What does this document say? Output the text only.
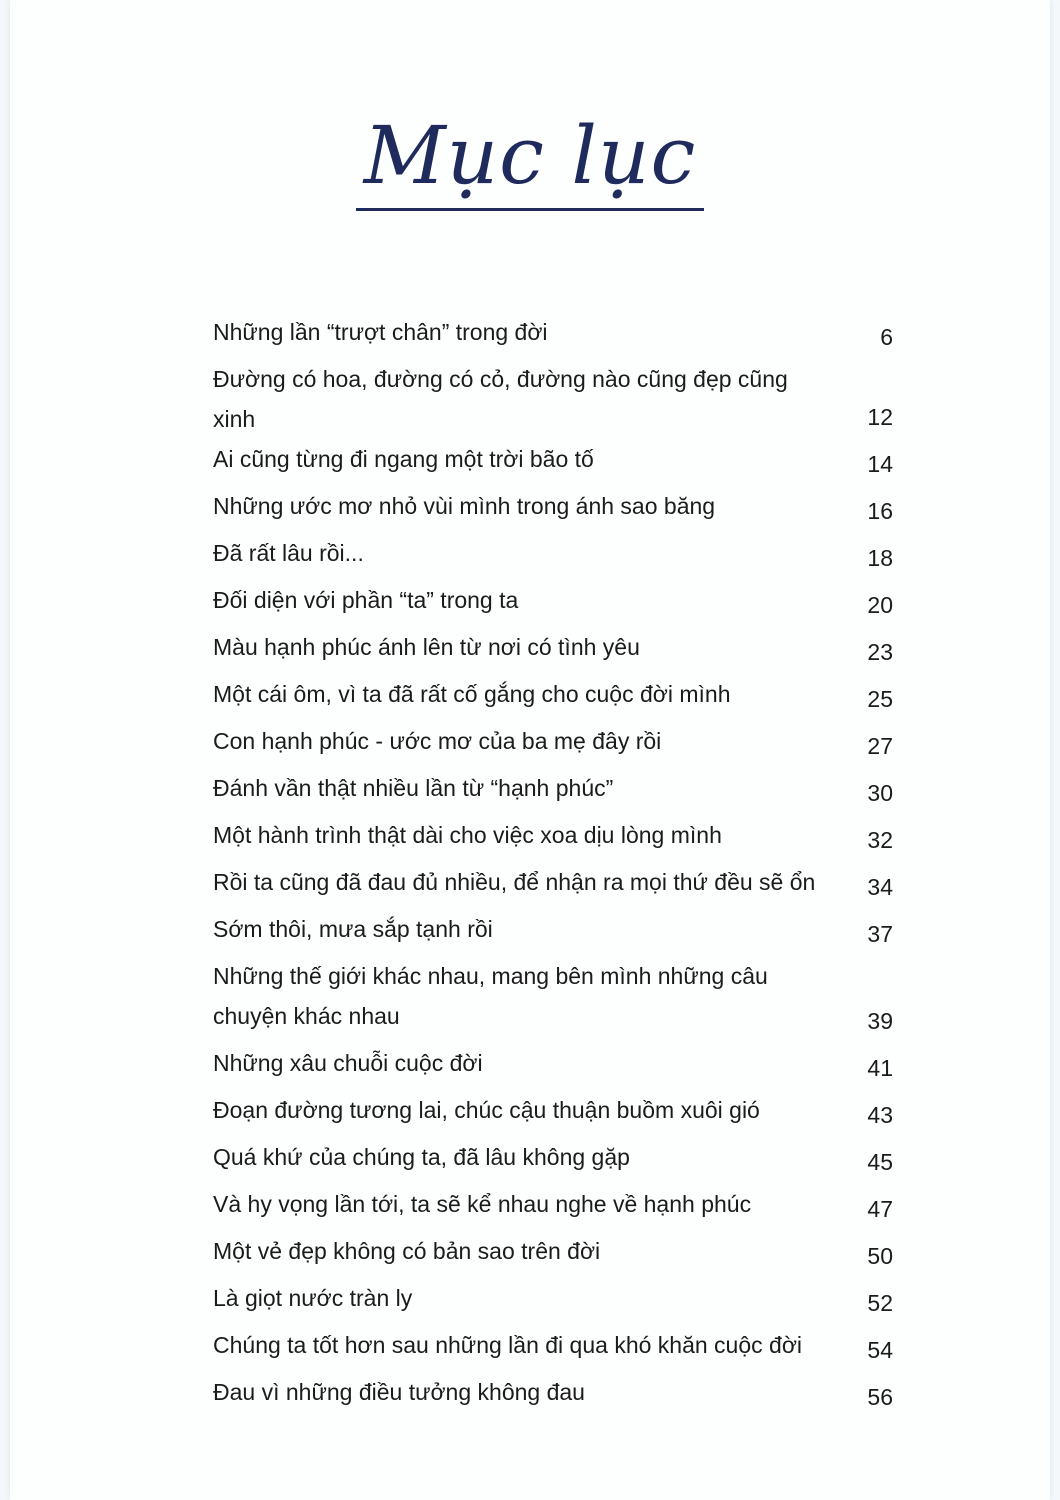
Mục lục
Những lần “trượt chân” trong đời	6
Đường có hoa, đường có cỏ, đường nào cũng đẹp cũng xinh	12
Ai cũng từng đi ngang một trời bão tố	14
Những ước mơ nhỏ vùi mình trong ánh sao băng	16
Đã rất lâu rồi...	18
Đối diện với phần “ta” trong ta	20
Màu hạnh phúc ánh lên từ nơi có tình yêu	23
Một cái ôm, vì ta đã rất cố gắng cho cuộc đời mình	25
Con hạnh phúc - ước mơ của ba mẹ đây rồi	27
Đánh vần thật nhiều lần từ “hạnh phúc”	30
Một hành trình thật dài cho việc xoa dịu lòng mình	32
Rồi ta cũng đã đau đủ nhiều, để nhận ra mọi thứ đều sẽ ổn	34
Sớm thôi, mưa sắp tạnh rồi	37
Những thế giới khác nhau, mang bên mình những câu chuyện khác nhau	39
Những xâu chuỗi cuộc đời	41
Đoạn đường tương lai, chúc cậu thuận buồm xuôi gió	43
Quá khứ của chúng ta, đã lâu không gặp	45
Và hy vọng lần tới, ta sẽ kể nhau nghe về hạnh phúc	47
Một vẻ đẹp không có bản sao trên đời	50
Là giọt nước tràn ly	52
Chúng ta tốt hơn sau những lần đi qua khó khăn cuộc đời	54
Đau vì những điều tưởng không đau	56
